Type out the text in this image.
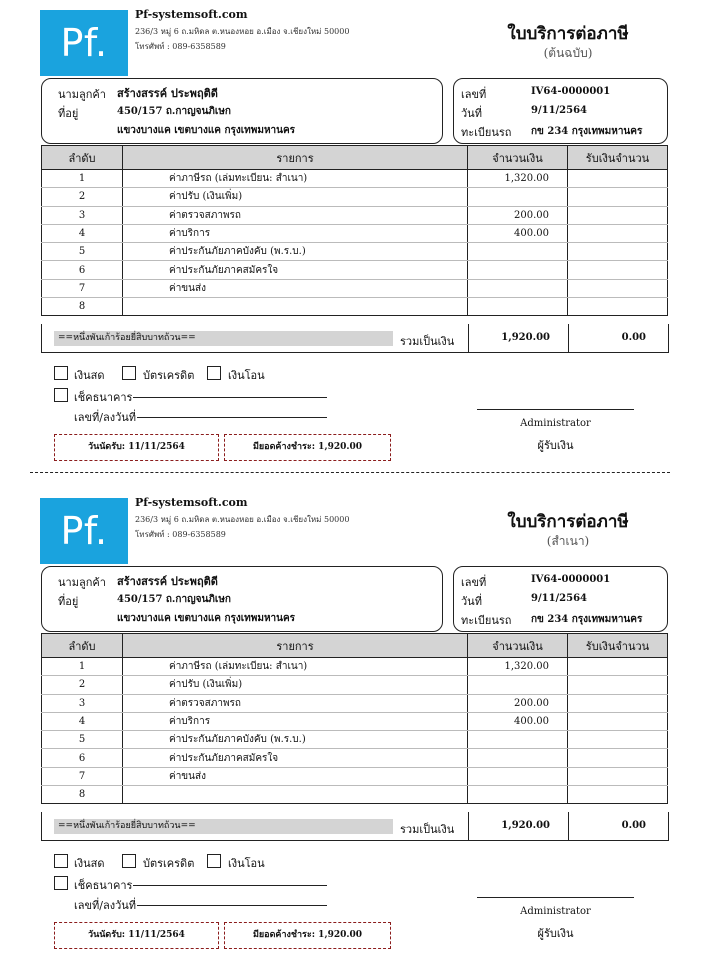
Pf.
Pf-systemsoft.com
236/3 หมู่ 6 ถ.มหิดล ต.หนองหอย อ.เมือง จ.เชียงใหม่ 50000
โทรศัพท์ : 089-6358589
ใบบริการต่อภาษี
(ต้นฉบับ)
นามลูกค้า สร้างสรรค์ ประพฤติดี
ที่อยู่	450/157 ถ.กาญจนภิเษก
แขวงบางแค เขตบางแค กรุงเทพมหานคร
เลขที่	IV64-0000001
วันที่	9/11/2564
ทะเบียนรถ กข 234 กรุงเทพมหานคร
ลำดับ	รายการ	จำนวนเงิน	รับเงินจำนวน
1	ค่าภาษีรถ (เล่มทะเบียน: สำเนา)	1,320.00	
2	ค่าปรับ (เงินเพิ่ม)		
3	ค่าตรวจสภาพรถ	200.00	
4	ค่าบริการ	400.00	
5	ค่าประกันภัยภาคบังคับ (พ.ร.บ.)		
6	ค่าประกันภัยภาคสมัครใจ		
7	ค่าขนส่ง		
8			
==หนึ่งพันเก้าร้อยยี่สิบบาทถ้วน==	รวมเป็นเงิน	1,920.00	0.00
เงินสด	บัตรเครดิต	เงินโอน
เช็คธนาคาร
เลขที่/ลงวันที่
วันนัดรับ: 11/11/2564	มียอดค้างชำระ: 1,920.00
Administrator
ผู้รับเงิน
Pf.
Pf-systemsoft.com
236/3 หมู่ 6 ถ.มหิดล ต.หนองหอย อ.เมือง จ.เชียงใหม่ 50000
โทรศัพท์ : 089-6358589
ใบบริการต่อภาษี
(สำเนา)
นามลูกค้า สร้างสรรค์ ประพฤติดี
ที่อยู่	450/157 ถ.กาญจนภิเษก
แขวงบางแค เขตบางแค กรุงเทพมหานคร
เลขที่	IV64-0000001
วันที่	9/11/2564
ทะเบียนรถ กข 234 กรุงเทพมหานคร
ลำดับ	รายการ	จำนวนเงิน	รับเงินจำนวน
1	ค่าภาษีรถ (เล่มทะเบียน: สำเนา)	1,320.00	
2	ค่าปรับ (เงินเพิ่ม)		
3	ค่าตรวจสภาพรถ	200.00	
4	ค่าบริการ	400.00	
5	ค่าประกันภัยภาคบังคับ (พ.ร.บ.)		
6	ค่าประกันภัยภาคสมัครใจ		
7	ค่าขนส่ง		
8			
==หนึ่งพันเก้าร้อยยี่สิบบาทถ้วน==	รวมเป็นเงิน	1,920.00	0.00
เงินสด	บัตรเครดิต	เงินโอน
เช็คธนาคาร
เลขที่/ลงวันที่
วันนัดรับ: 11/11/2564	มียอดค้างชำระ: 1,920.00
Administrator
ผู้รับเงิน
